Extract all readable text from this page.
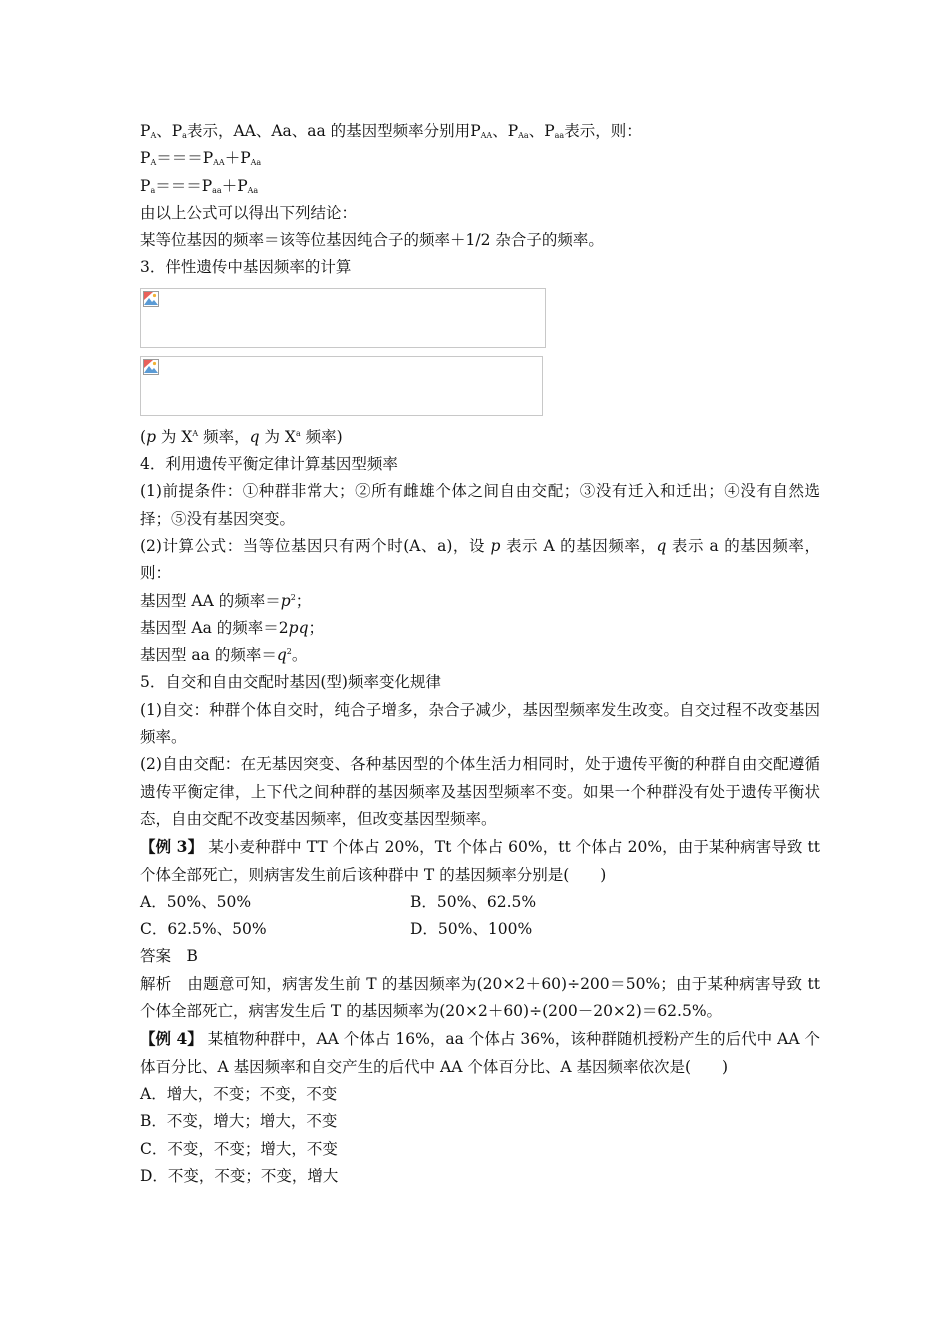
$P_A$、$P_a$表示，AA、Aa、aa 的基因型频率分别用$P_{AA}$、$P_{Aa}$、$P_{aa}$表示，则：
$P_A===P_{AA}+P_{Aa}$
$P_a===P_{aa}+P_{Aa}$
由以上公式可以得出下列结论：
某等位基因的频率＝该等位基因纯合子的频率＋1/2 杂合子的频率。
3．伴性遗传中基因频率的计算
(p 为 $X^A$ 频率，q 为 $X^a$ 频率)
4．利用遗传平衡定律计算基因型频率
(1)前提条件：①种群非常大；②所有雌雄个体之间自由交配；③没有迁入和迁出；④没有自然选择；⑤没有基因突变。
(2)计算公式：当等位基因只有两个时(A、a)，设 p 表示 A 的基因频率，q 表示 a 的基因频率，则：
基因型 AA 的频率$=p^2$；
基因型 Aa 的频率＝2pq；
基因型 aa 的频率$=q^2$。
5．自交和自由交配时基因(型)频率变化规律
(1)自交：种群个体自交时，纯合子增多，杂合子减少，基因型频率发生改变。自交过程不改变基因频率。
(2)自由交配：在无基因突变、各种基因型的个体生活力相同时，处于遗传平衡的种群自由交配遵循遗传平衡定律，上下代之间种群的基因频率及基因型频率不变。如果一个种群没有处于遗传平衡状态，自由交配不改变基因频率，但改变基因型频率。
【例 3】 某小麦种群中 TT 个体占 20%，Tt 个体占 60%，tt 个体占 20%，由于某种病害导致 tt 个体全部死亡，则病害发生前后该种群中 T 的基因频率分别是(　　)
A．50%、50%	B．50%、62.5%
C．62.5%、50%	D．50%、100%
答案　B
解析　由题意可知，病害发生前 T 的基因频率为(20×2＋60)÷200＝50%；由于某种病害导致 tt 个体全部死亡，病害发生后 T 的基因频率为(20×2＋60)÷(200－20×2)＝62.5%。
【例 4】 某植物种群中，AA 个体占 16%，aa 个体占 36%，该种群随机授粉产生的后代中 AA 个体百分比、A 基因频率和自交产生的后代中 AA 个体百分比、A 基因频率依次是(　　)
A．增大，不变；不变，不变
B．不变，增大；增大，不变
C．不变，不变；增大，不变
D．不变，不变；不变，增大
